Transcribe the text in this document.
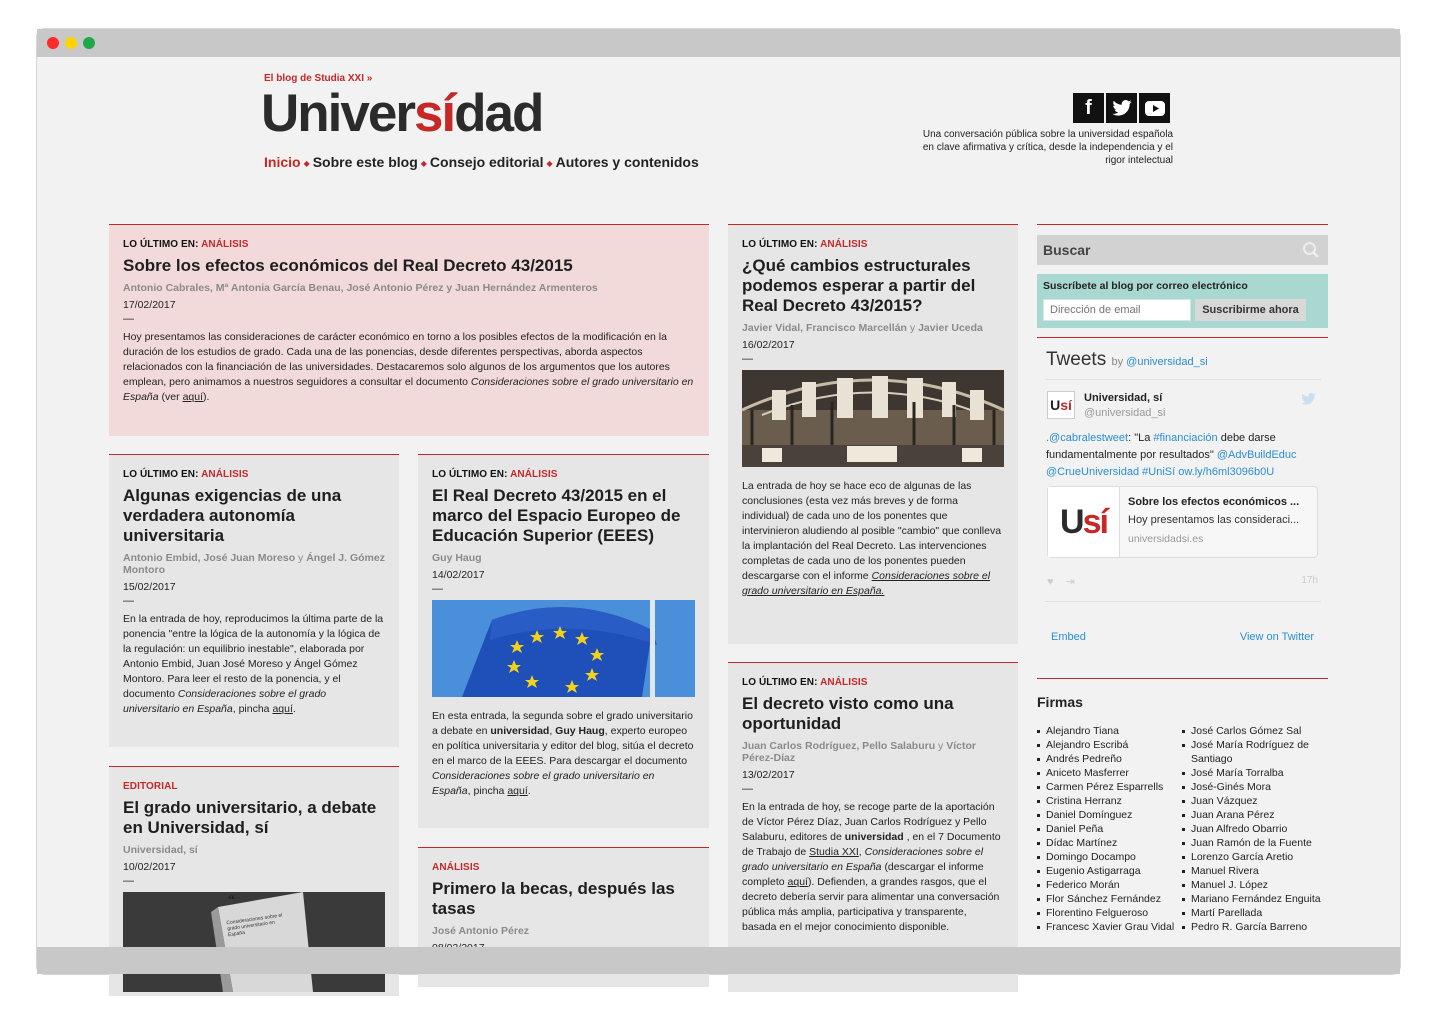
El blog de Studia XXI »
Universídad
Inicio ◆ Sobre este blog ◆ Consejo editorial ◆ Autores y contenidos
f
Una conversación pública sobre la universidad española en clave afirmativa y crítica, desde la independencia y el rigor intelectual
LO ÚLTIMO EN: ANÁLISIS
Sobre los efectos económicos del Real Decreto 43/2015
Antonio Cabrales, Mª Antonia García Benau, José Antonio Pérez y Juan Hernández Armenteros
17/02/2017
—
Hoy presentamos las consideraciones de carácter económico en torno a los posibles efectos de la modificación en la duración de los estudios de grado. Cada una de las ponencias, desde diferentes perspectivas, aborda aspectos relacionados con la financiación de las universidades. Destacaremos solo algunos de los argumentos que los autores emplean, pero animamos a nuestros seguidores a consultar el documento Consideraciones sobre el grado universitario en España (ver aquí).
LO ÚLTIMO EN: ANÁLISIS
¿Qué cambios estructurales podemos esperar a partir del Real Decreto 43/2015?
Javier Vidal, Francisco Marcellán y Javier Uceda
16/02/2017
—
La entrada de hoy se hace eco de algunas de las conclusiones (esta vez más breves y de forma individual) de cada uno de los ponentes que intervinieron aludiendo al posible "cambio" que conlleva la implantación del Real Decreto. Las intervenciones completas de cada uno de los ponentes pueden descargarse con el informe Consideraciones sobre el grado universitario en España.
LO ÚLTIMO EN: ANÁLISIS
Algunas exigencias de una verdadera autonomía universitaria
Antonio Embid, José Juan Moreso y Ángel J. Gómez Montoro
15/02/2017
—
En la entrada de hoy, reproducimos la última parte de la ponencia "entre la lógica de la autonomía y la lógica de la regulación: un equilibrio inestable", elaborada por Antonio Embid, Juan José Moreso y Ángel Gómez Montoro. Para leer el resto de la ponencia, y el documento Consideraciones sobre el grado universitario en España, pincha aquí.
LO ÚLTIMO EN: ANÁLISIS
El Real Decreto 43/2015 en el marco del Espacio Europeo de Educación Superior (EEES)
Guy Haug
14/02/2017
—
En esta entrada, la segunda sobre el grado universitario a debate en universidad, Guy Haug, experto europeo en política universitaria y editor del blog, sitúa el decreto en el marco de la EEES. Para descargar el documento Consideraciones sobre el grado universitario en España, pincha aquí.
LO ÚLTIMO EN: ANÁLISIS
El decreto visto como una oportunidad
Juan Carlos Rodríguez, Pello Salaburu y Víctor Pérez-Díaz
13/02/2017
—
En la entrada de hoy, se recoge parte de la aportación de Víctor Pérez Díaz, Juan Carlos Rodríguez y Pello Salaburu, editores de universidad , en el 7 Documento de Trabajo de Studia XXI, Consideraciones sobre el grado universitario en España (descargar el informe completo aquí). Defienden, a grandes rasgos, que el decreto debería servir para alimentar una conversación pública más amplia, participativa y transparente, basada en el mejor conocimiento disponible.
EDITORIAL
El grado universitario, a debate en Universidad, sí
Universidad, sí
10/02/2017
—
“
Consideraciones sobre el grado universitario en España
ANÁLISIS
Primero la becas, después las tasas
José Antonio Pérez
Buscar
Suscríbete al blog por correo electrónico
Dirección de email
Suscribirme ahora
Tweets by @universidad_si
U sí Universidad, sí
@universidad_si
.@cabralestweet: "La #financiación debe darse fundamentalmente por resultados" @AdvBuildEduc @CrueUniversidad #UniSí ow.ly/h6ml3096b0U
U sí
Sobre los efectos económicos ...
Hoy presentamos las consideraci...
universidadsi.es
♥ ⇥	17h
Embed	View on Twitter
Firmas
Alejandro Tiana
Alejandro Escribá
Andrés Pedreño
Aniceto Masferrer
Carmen Pérez Esparrells
Cristina Herranz
Daniel Domínguez
Daniel Peña
Dídac Martínez
Domingo Docampo
Eugenio Astigarraga
Federico Morán
Flor Sánchez Fernández
Florentino Felgueroso
Francesc Xavier Grau Vidal
José Carlos Gómez Sal
José María Rodríguez de Santiago
José María Torralba
José-Ginés Mora
Juan Vázquez
Juan Arana Pérez
Juan Alfredo Obarrio
Juan Ramón de la Fuente
Lorenzo García Aretio
Manuel Rivera
Manuel J. López
Mariano Fernández Enguita
Martí Parellada
Pedro R. García Barreno
